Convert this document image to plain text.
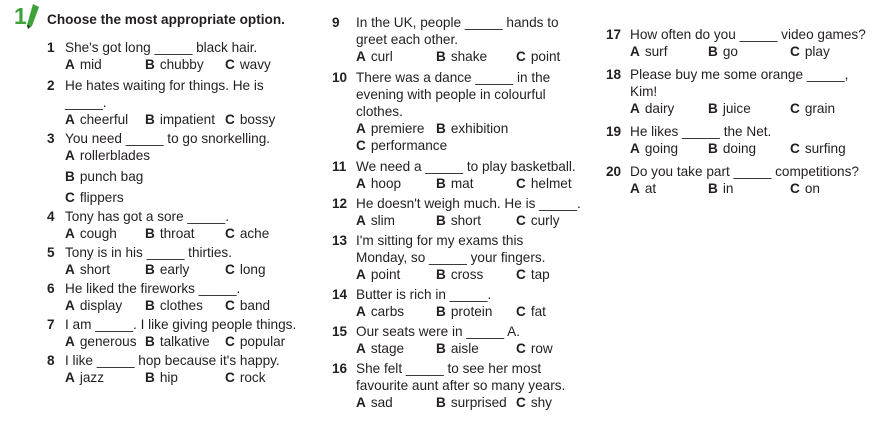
1 Choose the most appropriate option.
1 She's got long _____ black hair.
A mid	B chubby C wavy
2 He hates waiting for things. He is
_____.
A cheerful B impatient C bossy
3 You need _____ to go snorkelling.
A rollerblades
B punch bag
C flippers
4 Tony has got a sore _____.
A cough B throat C ache
5 Tony is in his _____ thirties.
A short	B early	C long
6 He liked the fireworks _____.
A display B clothes C band
7 I am _____. I like giving people things.
A generous B talkative C popular
8 I like _____ hop because it's happy.
A jazz	B hip	C rock
9 In the UK, people _____ hands to
greet each other.
A curl	B shake C point
10 There was a dance _____ in the
evening with people in colourful
clothes.
A premiere B exhibition
C performance
11 We need a _____ to play basketball.
A hoop	B mat	C helmet
12 He doesn't weigh much. He is _____.
A slim	B short	C curly
13 I'm sitting for my exams this
Monday, so _____ your fingers.
A point	B cross C tap
14 Butter is rich in _____.
A carbs B protein C fat
15 Our seats were in _____ A.
A stage B aisle	C row
16 She felt _____ to see her most
favourite aunt after so many years.
A sad	B surprised C shy
17 How often do you _____ video games?
A surf	B go	C play
18 Please buy me some orange _____,
Kim!
A dairy B juice	C grain
19 He likes _____ the Net.
A going B doing C surfing
20 Do you take part _____ competitions?
A at	B in	C on
